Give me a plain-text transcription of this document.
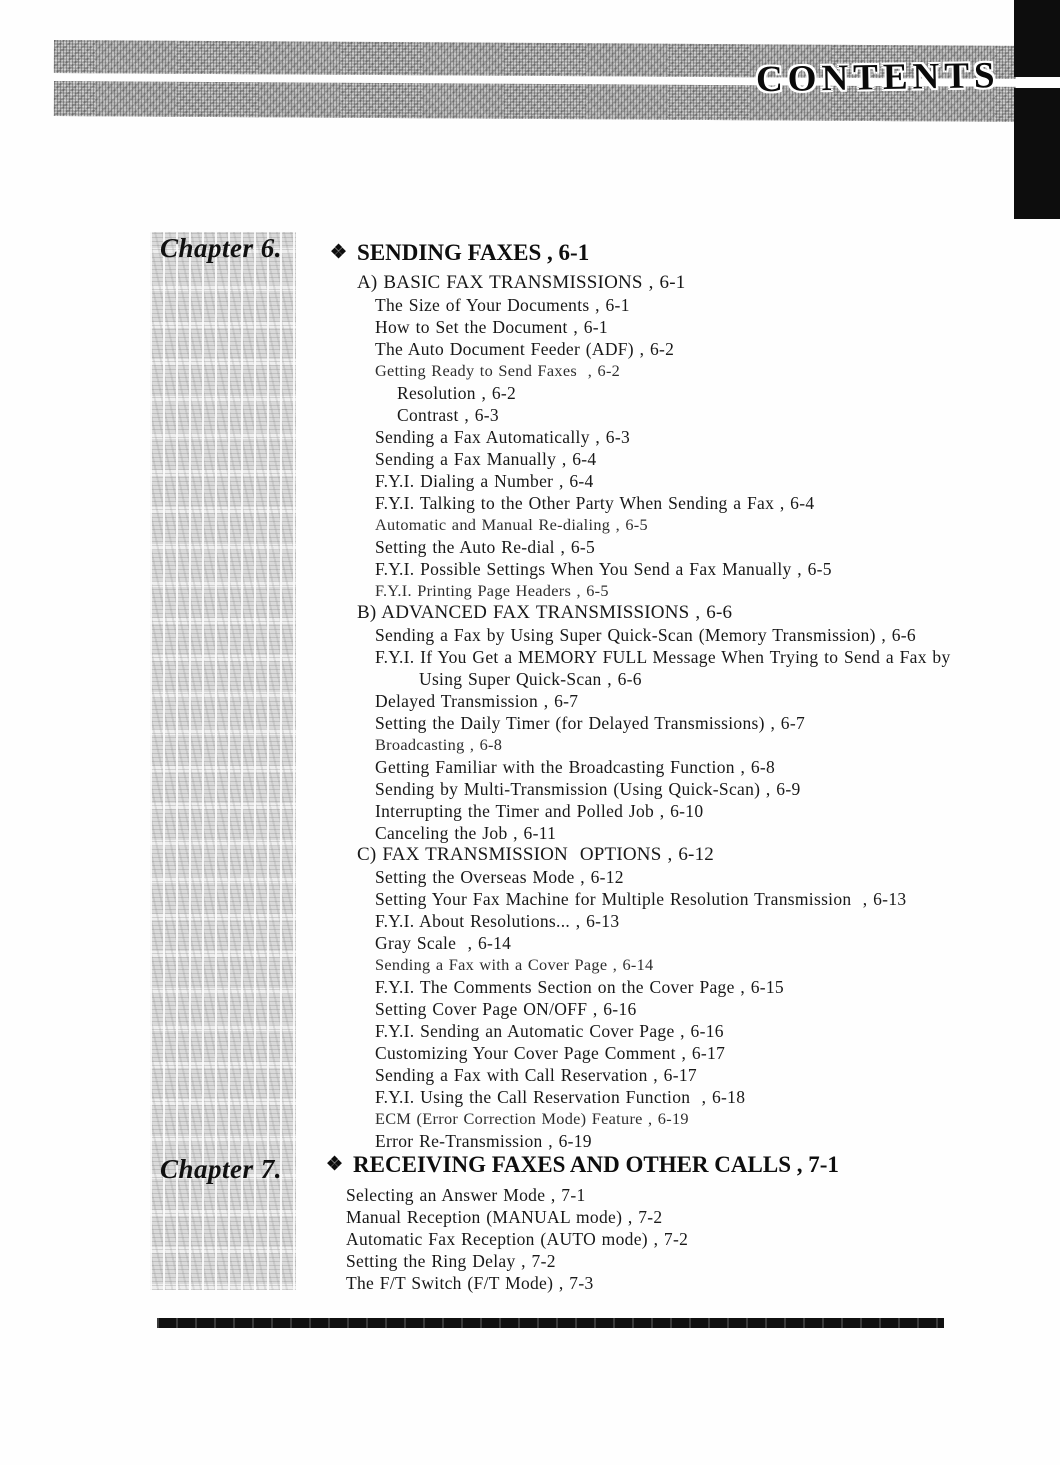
CONTENTS
Chapter 6.
Chapter 7.
❖ SENDING FAXES , 6-1
A) BASIC FAX TRANSMISSIONS , 6-1
The Size of Your Documents , 6-1
How to Set the Document , 6-1
The Auto Document Feeder (ADF) , 6-2
Getting Ready to Send Faxes  , 6-2
Resolution , 6-2
Contrast , 6-3
Sending a Fax Automatically , 6-3
Sending a Fax Manually , 6-4
F.Y.I. Dialing a Number , 6-4
F.Y.I. Talking to the Other Party When Sending a Fax , 6-4
Automatic and Manual Re-dialing , 6-5
Setting the Auto Re-dial , 6-5
F.Y.I. Possible Settings When You Send a Fax Manually , 6-5
F.Y.I. Printing Page Headers , 6-5
B) ADVANCED FAX TRANSMISSIONS , 6-6
Sending a Fax by Using Super Quick-Scan (Memory Transmission) , 6-6
F.Y.I. If You Get a MEMORY FULL Message When Trying to Send a Fax by
Using Super Quick-Scan , 6-6
Delayed Transmission , 6-7
Setting the Daily Timer (for Delayed Transmissions) , 6-7
Broadcasting , 6-8
Getting Familiar with the Broadcasting Function , 6-8
Sending by Multi-Transmission (Using Quick-Scan) , 6-9
Interrupting the Timer and Polled Job , 6-10
Canceling the Job , 6-11
C) FAX TRANSMISSION  OPTIONS , 6-12
Setting the Overseas Mode , 6-12
Setting Your Fax Machine for Multiple Resolution Transmission  , 6-13
F.Y.I. About Resolutions... , 6-13
Gray Scale  , 6-14
Sending a Fax with a Cover Page , 6-14
F.Y.I. The Comments Section on the Cover Page , 6-15
Setting Cover Page ON/OFF , 6-16
F.Y.I. Sending an Automatic Cover Page , 6-16
Customizing Your Cover Page Comment , 6-17
Sending a Fax with Call Reservation , 6-17
F.Y.I. Using the Call Reservation Function  , 6-18
ECM (Error Correction Mode) Feature , 6-19
Error Re-Transmission , 6-19
❖ RECEIVING FAXES AND OTHER CALLS , 7-1
Selecting an Answer Mode , 7-1
Manual Reception (MANUAL mode) , 7-2
Automatic Fax Reception (AUTO mode) , 7-2
Setting the Ring Delay , 7-2
The F/T Switch (F/T Mode) , 7-3
